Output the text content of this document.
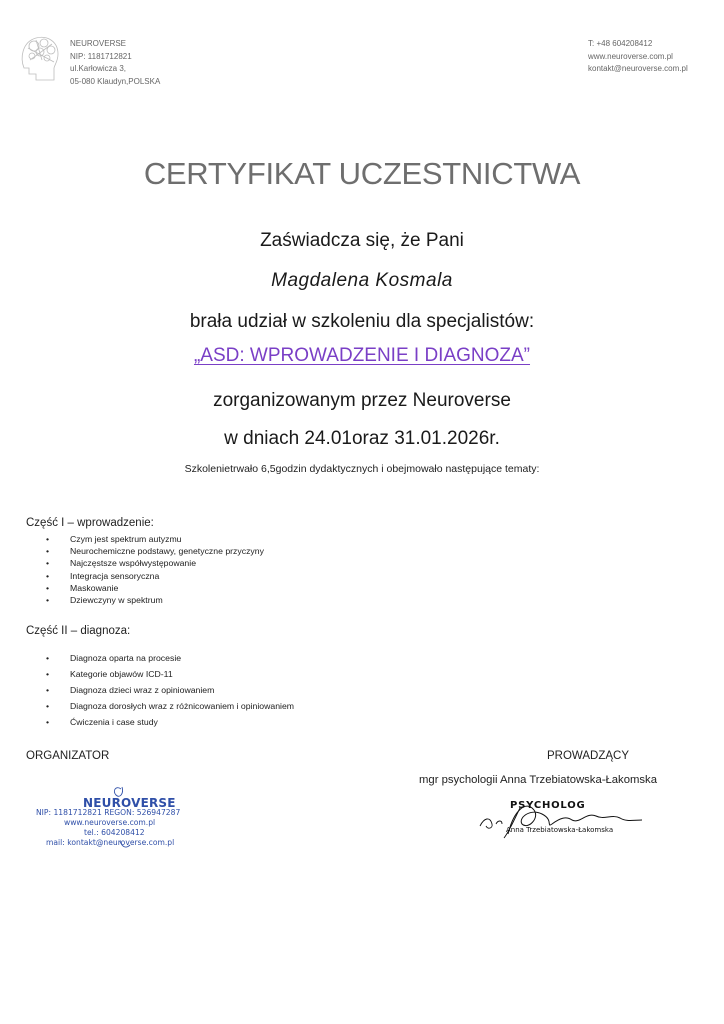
NEUROVERSE
NIP: 1181712821
ul.Karłowicza 3,
05-080 Klaudyn,POLSKA
T: +48 604208412
www.neuroverse.com.pl
kontakt@neuroverse.com.pl
CERTYFIKAT UCZESTNICTWA
Zaświadcza się, że Pani
Magdalena Kosmala
brała udział w szkoleniu dla specjalistów:
„ASD: WPROWADZENIE I DIAGNOZA”
zorganizowanym przez Neuroverse
w dniach 24.01oraz 31.01.2026r.
Szkolenietrwało 6,5godzin dydaktycznych i obejmowało następujące tematy:
Część I – wprowadzenie:
• Czym jest spektrum autyzmu
• Neurochemiczne podstawy, genetyczne przyczyny
• Najczęstsze współwystępowanie
• Integracja sensoryczna
• Maskowanie
• Dziewczyny w spektrum
Część II – diagnoza:
• Diagnoza oparta na procesie
• Kategorie objawów ICD-11
• Diagnoza dzieci wraz z opiniowaniem
• Diagnoza dorosłych wraz z różnicowaniem i opiniowaniem
• Ćwiczenia i case study
ORGANIZATOR	PROWADZĄCY
mgr psychologii Anna Trzebiatowska-Łakomska
NEUROVERSE
NIP: 1181712821 REGON: 526947287
www.neuroverse.com.pl
tel.: 604208412
mail: kontakt@neuroverse.com.pl
PSYCHOLOG
Anna Trzebiatowska-Łakomska
